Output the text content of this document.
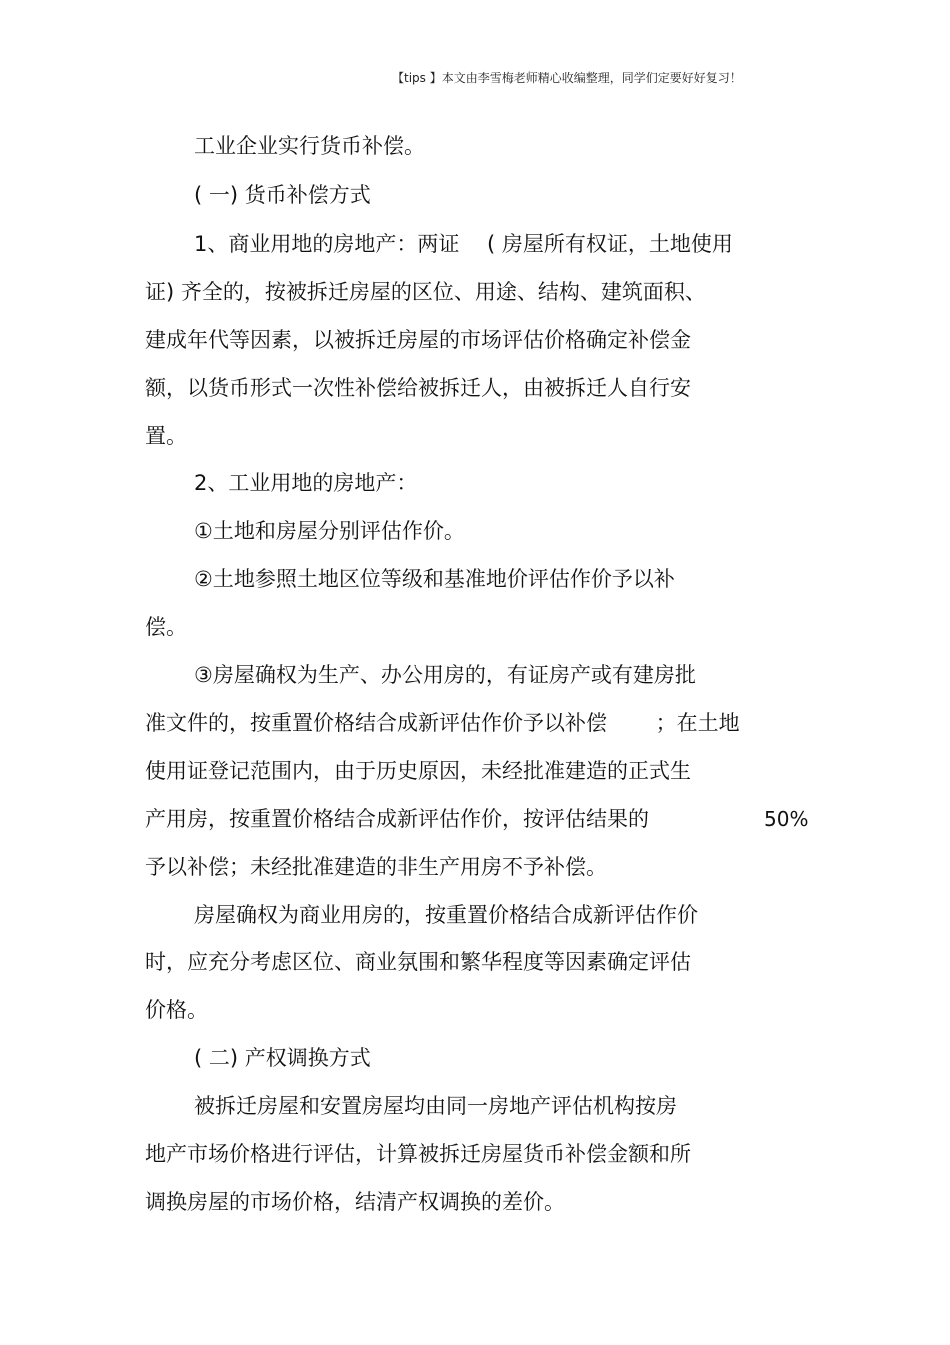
【tips 】本文由李雪梅老师精心收编整理，同学们定要好好复习！
工业企业实行货币补偿。
( 一) 货币补偿方式
1、商业用地的房地产：两证　 ( 房屋所有权证，土地使用
证) 齐全的，按被拆迁房屋的区位、用途、结构、建筑面积、
建成年代等因素，以被拆迁房屋的市场评估价格确定补偿金
额，以货币形式一次性补偿给被拆迁人，由被拆迁人自行安
置。
2、工业用地的房地产：
①土地和房屋分别评估作价。
②土地参照土地区位等级和基准地价评估作价予以补
偿。
③房屋确权为生产、办公用房的，有证房产或有建房批
准文件的，按重置价格结合成新评估作价予以补偿　　 ；在土地
使用证登记范围内，由于历史原因，未经批准建造的正式生
产用房，按重置价格结合成新评估作价，按评估结果的	50%
予以补偿；未经批准建造的非生产用房不予补偿。
房屋确权为商业用房的，按重置价格结合成新评估作价
时，应充分考虑区位、商业氛围和繁华程度等因素确定评估
价格。
( 二) 产权调换方式
被拆迁房屋和安置房屋均由同一房地产评估机构按房
地产市场价格进行评估，计算被拆迁房屋货币补偿金额和所
调换房屋的市场价格，结清产权调换的差价。
